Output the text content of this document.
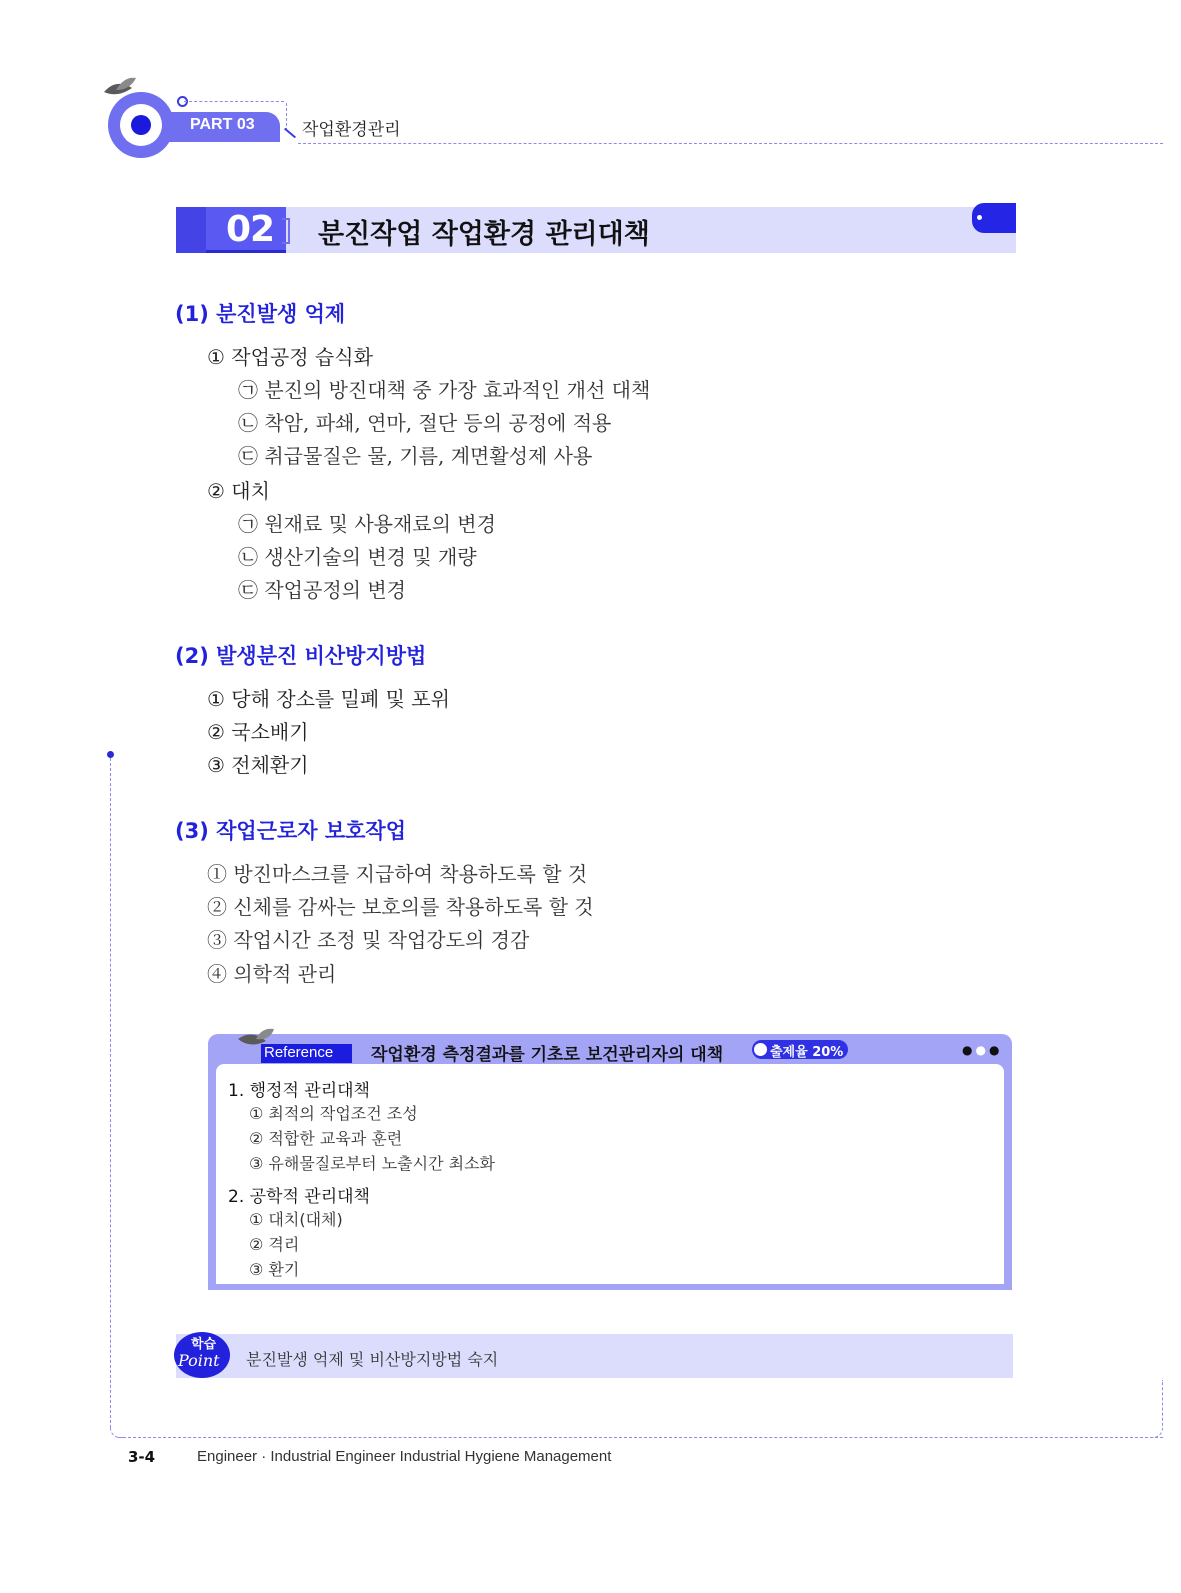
PART 03	작업환경관리
02 분진작업 작업환경 관리대책
(1) 분진발생 억제
① 작업공정 습식화
㉠ 분진의 방진대책 중 가장 효과적인 개선 대책
㉡ 착암, 파쇄, 연마, 절단 등의 공정에 적용
㉢ 취급물질은 물, 기름, 계면활성제 사용
② 대치
㉠ 원재료 및 사용재료의 변경
㉡ 생산기술의 변경 및 개량
㉢ 작업공정의 변경
(2) 발생분진 비산방지방법
① 당해 장소를 밀폐 및 포위
② 국소배기
③ 전체환기
(3) 작업근로자 보호작업
① 방진마스크를 지급하여 착용하도록 할 것
② 신체를 감싸는 보호의를 착용하도록 할 것
③ 작업시간 조정 및 작업강도의 경감
④ 의학적 관리
Reference 작업환경 측정결과를 기초로 보건관리자의 대책	출제율 20%	●●●
1. 행정적 관리대책
① 최적의 작업조건 조성
② 적합한 교육과 훈련
③ 유해물질로부터 노출시간 최소화
2. 공학적 관리대책
① 대치(대체)
② 격리
③ 환기
학습
Point 분진발생 억제 및 비산방지방법 숙지
3-4	Engineer · Industrial Engineer Industrial Hygiene Management
